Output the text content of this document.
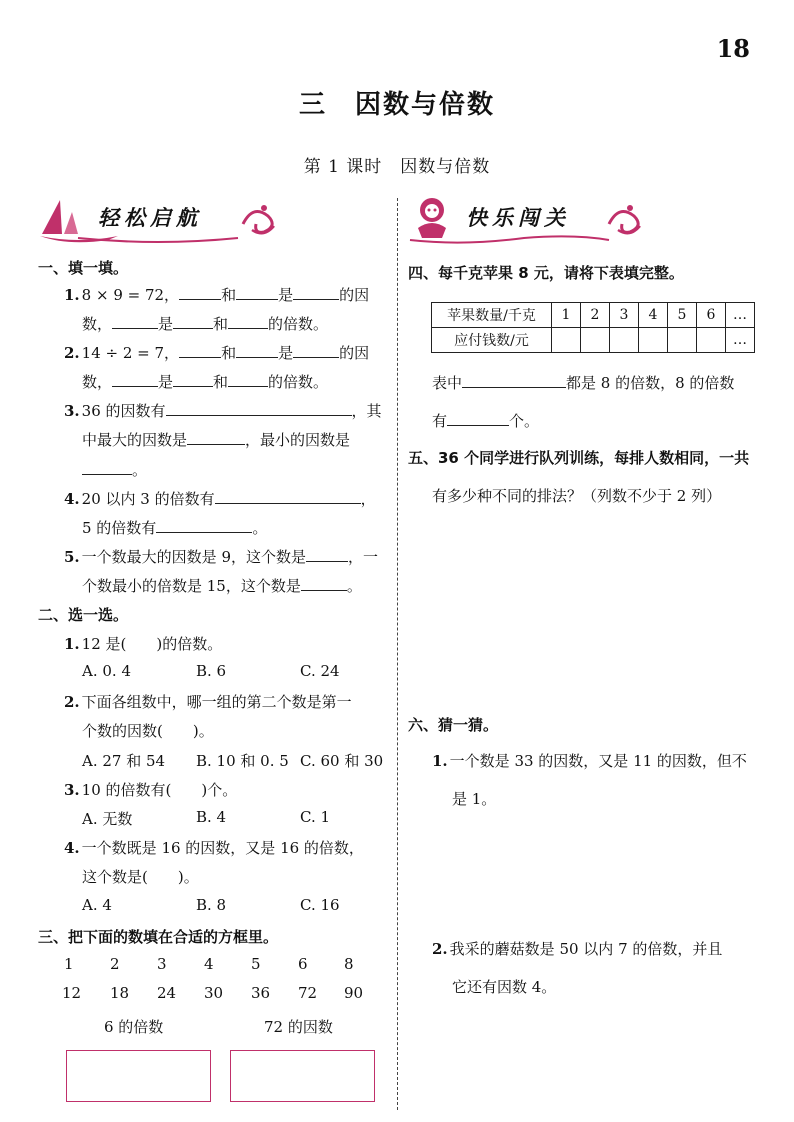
18
三　因数与倍数
第 1 课时　因数与倍数
轻松启航	快乐闯关
一、填一填。
1. 8 × 9 = 72，	和	是	的因
数，	是	和	的倍数。
2. 14 ÷ 2 = 7，	和	是	的因
数，	是	和	的倍数。
3. 36 的因数有	，其
中最大的因数是	，最小的因数是
。
4. 20 以内 3 的倍数有	，
5 的倍数有	。
5. 一个数最大的因数是 9，这个数是	，一
个数最小的倍数是 15，这个数是	。
二、选一选。
1. 12 是(　　)的倍数。
A. 0. 4	B. 6	C. 24
2. 下面各组数中，哪一组的第二个数是第一
个数的因数(　　)。
A. 27 和 54 B. 10 和 0. 5 C. 60 和 30
3. 10 的倍数有(　　)个。
A. 无数	B. 4	C. 1
4. 一个数既是 16 的因数，又是 16 的倍数，
这个数是(　　)。
A. 4	B. 8	C. 16
三、把下面的数填在合适的方框里。
1 2 3 4 5 6 8
12 18 24 30 36 72 90
6 的倍数	72 的因数
四、每千克苹果 8 元，请将下表填完整。
苹果数量/千克	1	2	3	4	5	6	…
应付钱数/元							…
表中	都是 8 的倍数，8 的倍数
有	个。
五、36 个同学进行队列训练，每排人数相同，一共
有多少种不同的排法？（列数不少于 2 列）
六、猜一猜。
1. 一个数是 33 的因数，又是 11 的因数，但不
是 1。
2. 我采的蘑菇数是 50 以内 7 的倍数，并且
它还有因数 4。
